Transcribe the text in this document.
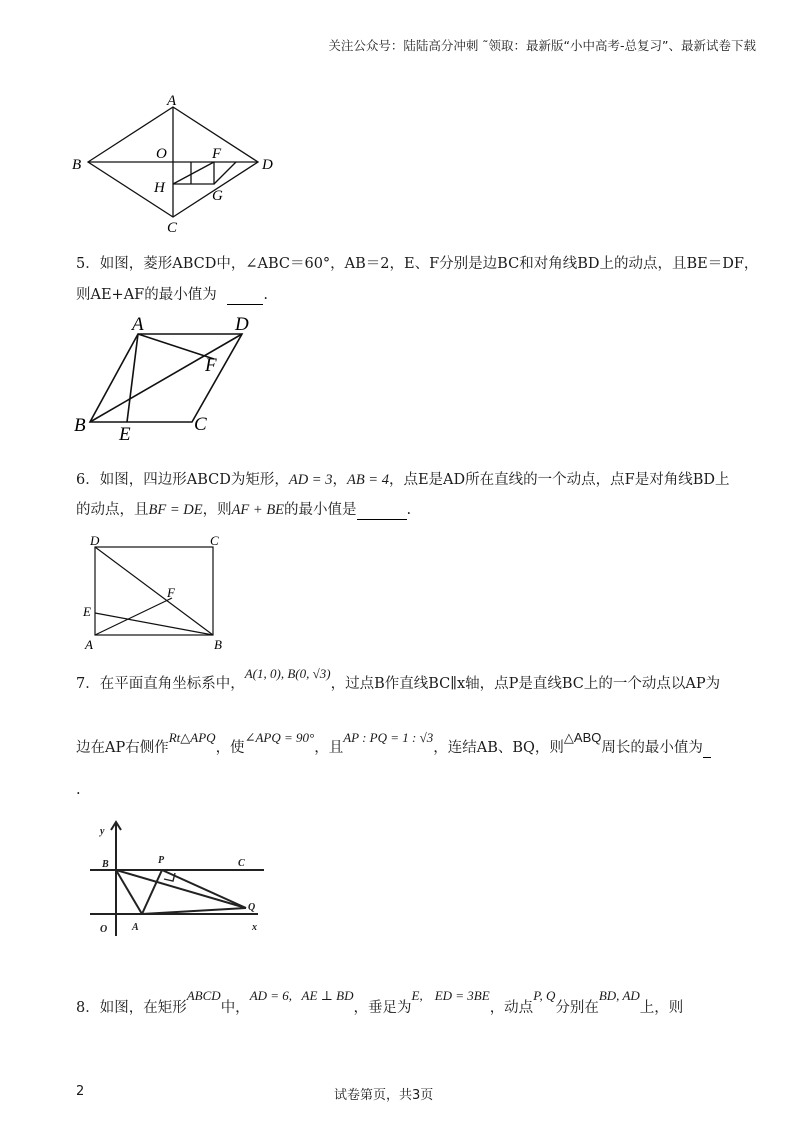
关注公众号：陆陆高分冲刺 ˜领取：最新版“小中高考-总复习”、最新试卷下载
A
B
C
D
O	F
H	G
5．如图，菱形ABCD中，∠ABC＝60°，AB＝2，E、F分别是边BC和对角线BD上的动点，且BE＝DF，
则AE+AF的最小值为	.
A	D
F
B E	C
6．如图，四边形ABCD为矩形，AD = 3，AB = 4，点E是AD所在直线的一个动点，点F是对角线BD上
的动点，且BF = DE，则AF + BE的最小值是	.
D	C
F
E
A	B
7．在平面直角坐标系中，A(1, 0), B(0, √3)，过点B作直线BC∥x轴，点P是直线BC上的一个动点以AP为
边在AP右侧作Rt△APQ，使∠APQ = 90°，且AP : PQ = 1 : √3，连结AB、BQ，则△ABQ周长的最小值为
.
y
B	P	C
Q
O A	x
8．如图，在矩形ABCD中，AD = 6,   AE ⊥ BD，垂足为E, ED = 3BE，动点P, Q分别在BD, AD上，则
2	试卷第页，共3页
